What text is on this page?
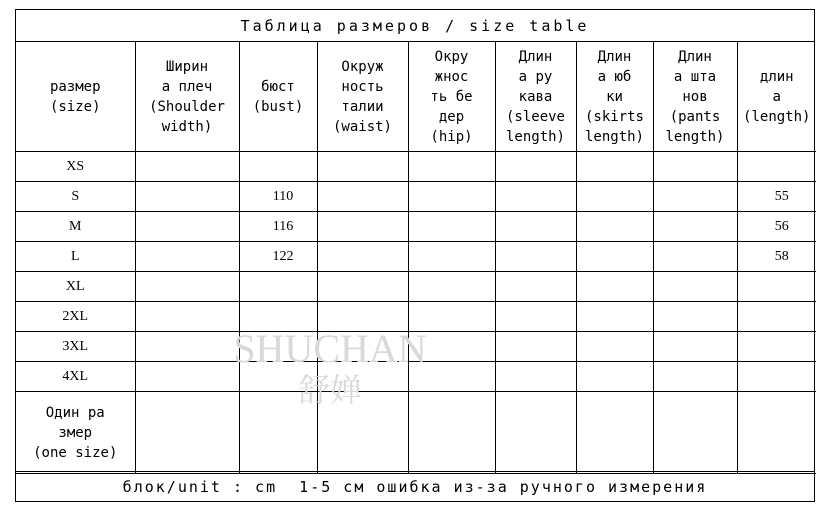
Таблица размеров / size table
размер
(size)	Ширин
а плеч
(Shoulder
width)	бюст
(bust)	Окруж
ность
талии
(waist)	Окру
жнос
ть бе
дер
(hip)	Длин
а ру
кава
(sleeve
length)	Длин
а юб
ки
(skirts
length)	Длин
а шта
нов
(pants
length)	длин
а
(length)
XS								
S		110						55
M		116						56
L		122						58
XL								
2XL								
3XL								
4XL								
Один ра
змер
(one size)								
блок/unit : cm  1-5 см ошибка из-за ручного измерения
SHUCHAN
舒婵
